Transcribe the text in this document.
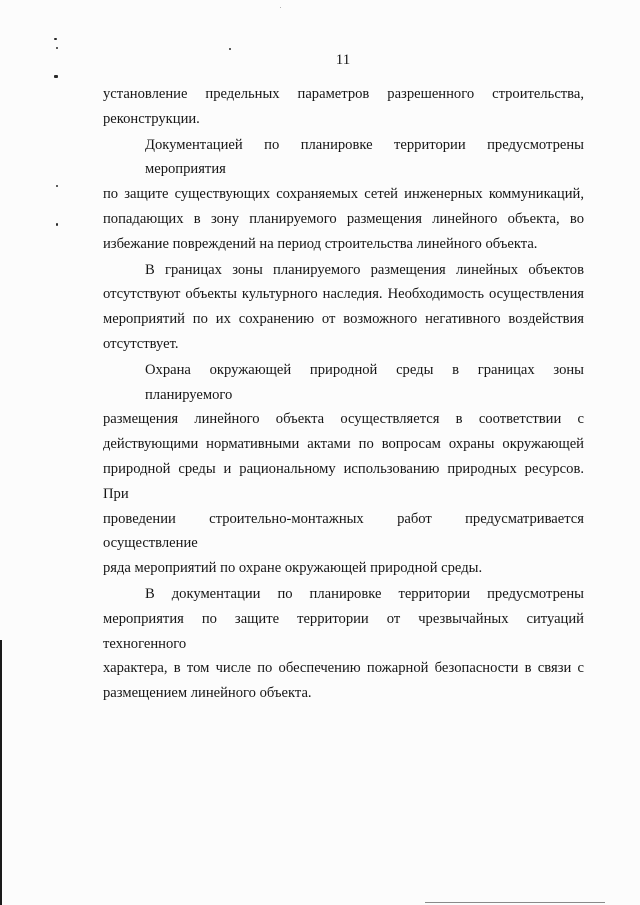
11

установление предельных параметров разрешенного строительства,
реконструкции.

Документацией по планировке территории предусмотрены мероприятия
по защите существующих сохраняемых сетей инженерных коммуникаций,
попадающих в зону планируемого размещения линейного объекта, во
избежание повреждений на период строительства линейного объекта.

В границах зоны планируемого размещения линейных объектов
отсутствуют объекты культурного наследия. Необходимость осуществления
мероприятий по их сохранению от возможного негативного воздействия
отсутствует.

Охрана окружающей природной среды в границах зоны планируемого
размещения линейного объекта осуществляется в соответствии с
действующими нормативными актами по вопросам охраны окружающей
природной среды и рациональному использованию природных ресурсов. При
проведении строительно-монтажных работ предусматривается осуществление
ряда мероприятий по охране окружающей природной среды.

В документации по планировке территории предусмотрены
мероприятия по защите территории от чрезвычайных ситуаций техногенного
характера, в том числе по обеспечению пожарной безопасности в связи с
размещением линейного объекта.
